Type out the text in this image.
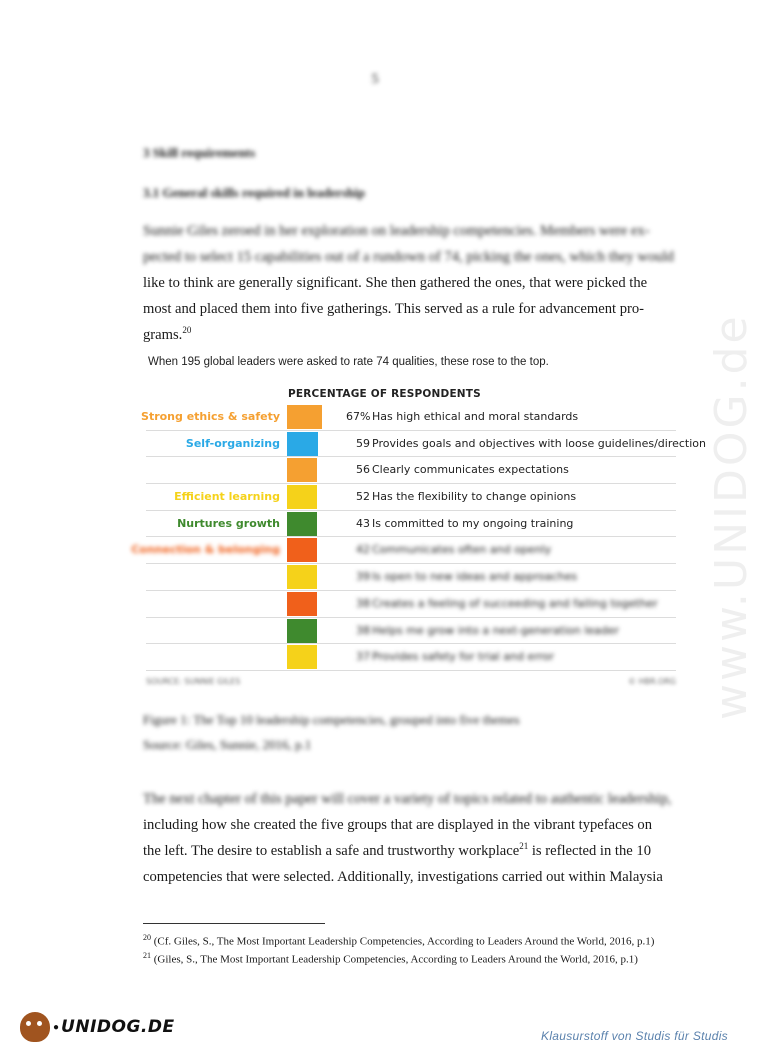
www.UNIDOG.de
5
3 Skill requirements
3.1 General skills required in leadership
Sunnie Giles zeroed in her exploration on leadership competencies. Members were ex-
pected to select 15 capabilities out of a rundown of 74, picking the ones, which they would
like to think are generally significant. She then gathered the ones, that were picked the
most and placed them into five gatherings. This served as a rule for advancement pro-
grams.$^{20}$
When 195 global leaders were asked to rate 74 qualities, these rose to the top.
PERCENTAGE OF RESPONDENTS
Strong ethics & safety	67% Has high ethical and moral standards
Self-organizing	59 Provides goals and objectives with loose guidelines/direction
56 Clearly communicates expectations
Efficient learning	52 Has the flexibility to change opinions
Nurtures growth	43 Is committed to my ongoing training
Connection & belonging	42 Communicates often and openly
39 Is open to new ideas and approaches
38 Creates a feeling of succeeding and failing together
38 Helps me grow into a next-generation leader
37 Provides safety for trial and error
SOURCE: SUNNIE GILES	© HBR.ORG
Figure 1: The Top 10 leadership competencies, grouped into five themes
Source: Giles, Sunnie, 2016, p.1
The next chapter of this paper will cover a variety of topics related to authentic leadership,
including how she created the five groups that are displayed in the vibrant typefaces on
the left. The desire to establish a safe and trustworthy workplace$^{21}$ is reflected in the 10
competencies that were selected. Additionally, investigations carried out within Malaysia
$^{20}$ (Cf. Giles, S., The Most Important Leadership Competencies, According to Leaders Around the World, 2016, p.1)
$^{21}$ (Giles, S., The Most Important Leadership Competencies, According to Leaders Around the World, 2016, p.1)
● UNIDOG.DE	Klausurstoff von Studis für Studis
